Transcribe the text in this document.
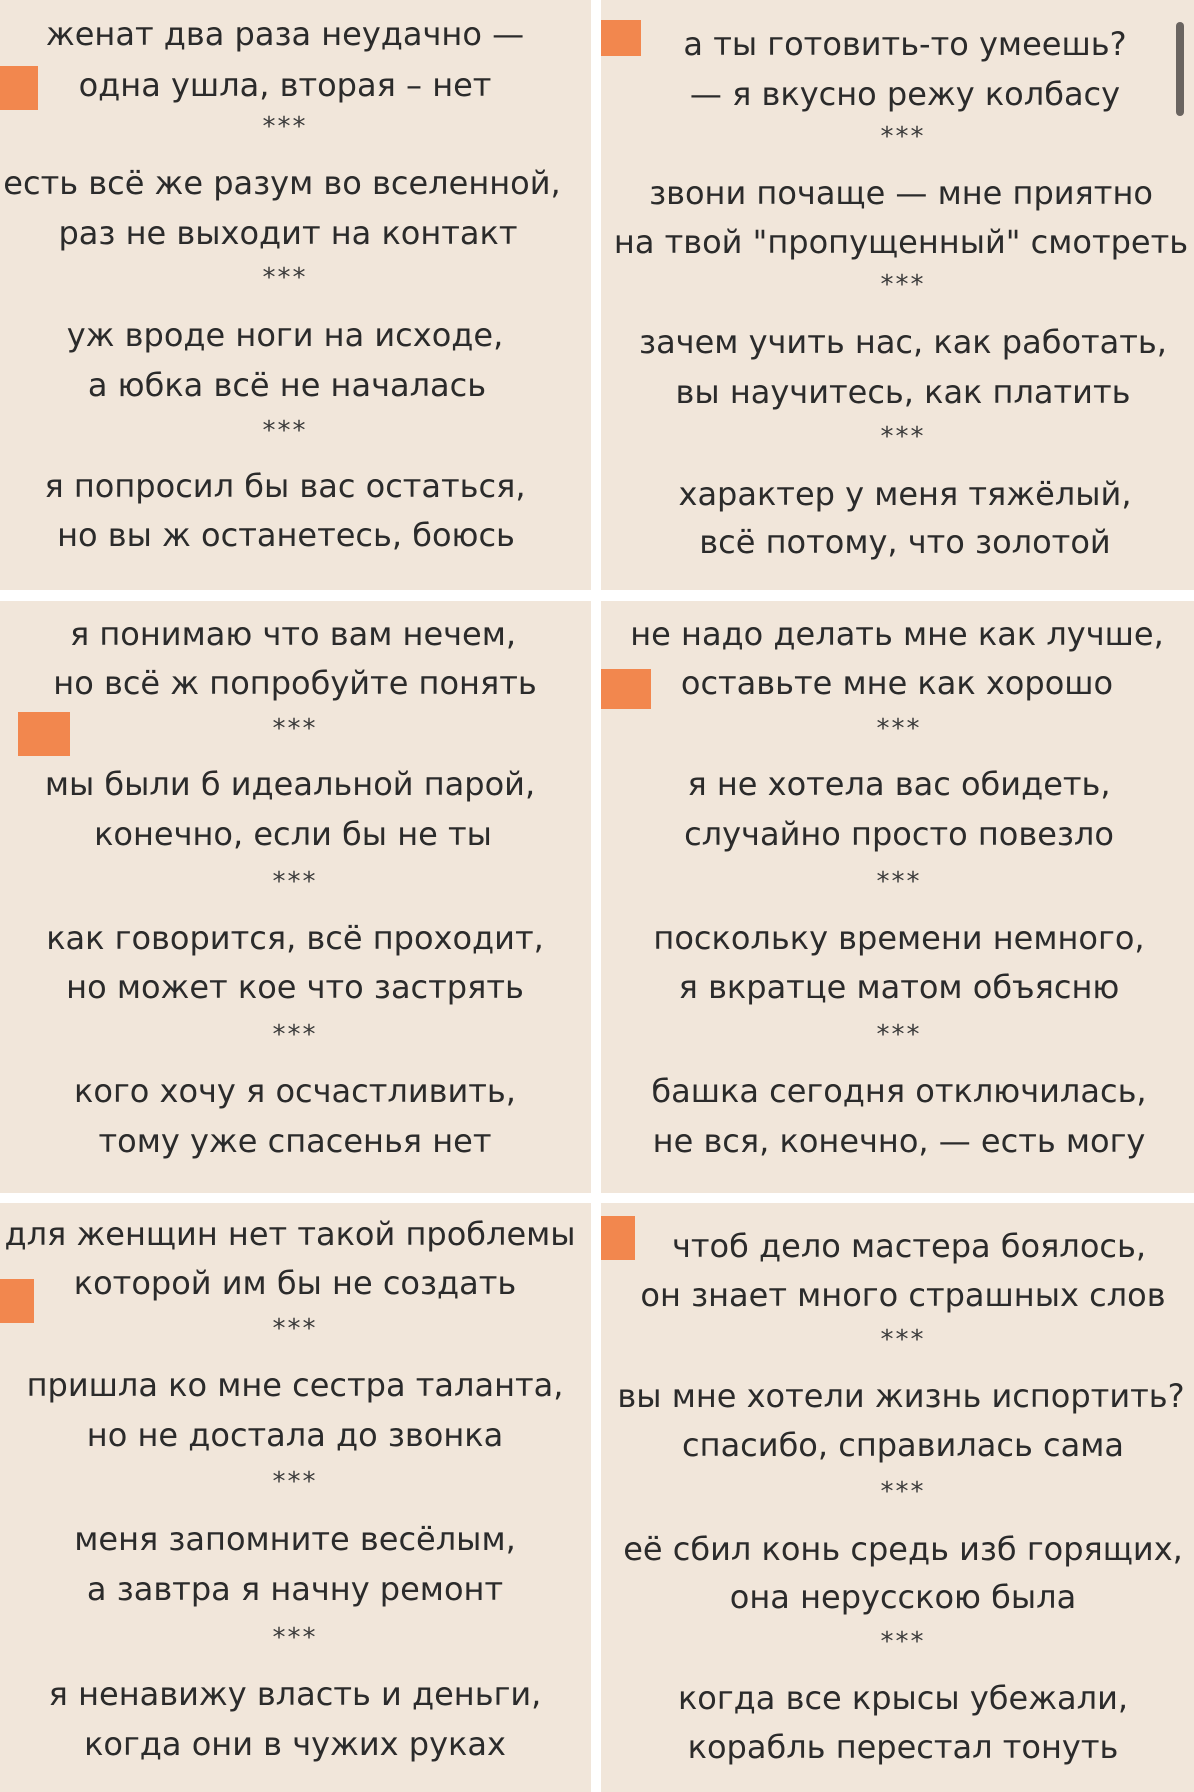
женат два раза неудачно —
одна ушла, вторая – нет
***
есть всё же разум во вселенной,
раз не выходит на контакт
***
уж вроде ноги на исходе,
а юбка всё не началась
***
я попросил бы вас остаться,
но вы ж останетесь, боюсь
а ты готовить-то умеешь?
— я вкусно режу колбасу
***
звони почаще — мне приятно
на твой "пропущенный" смотреть
***
зачем учить нас, как работать,
вы научитесь, как платить
***
характер у меня тяжёлый,
всё потому, что золотой
я понимаю что вам нечем,
но всё ж попробуйте понять
***
мы были б идеальной парой,
конечно, если бы не ты
***
как говорится, всё проходит,
но может кое что застрять
***
кого хочу я осчастливить,
тому уже спасенья нет
не надо делать мне как лучше,
оставьте мне как хорошо
***
я не хотела вас обидеть,
случайно просто повезло
***
поскольку времени немного,
я вкратце матом объясню
***
башка сегодня отключилась,
не вся, конечно, — есть могу
для женщин нет такой проблемы
которой им бы не создать
***
пришла ко мне сестра таланта,
но не достала до звонка
***
меня запомните весёлым,
а завтра я начну ремонт
***
я ненавижу власть и деньги,
когда они в чужих руках
чтоб дело мастера боялось,
он знает много страшных слов
***
вы мне хотели жизнь испортить?
спасибо, справилась сама
***
её сбил конь средь изб горящих,
она нерусскою была
***
когда все крысы убежали,
корабль перестал тонуть
